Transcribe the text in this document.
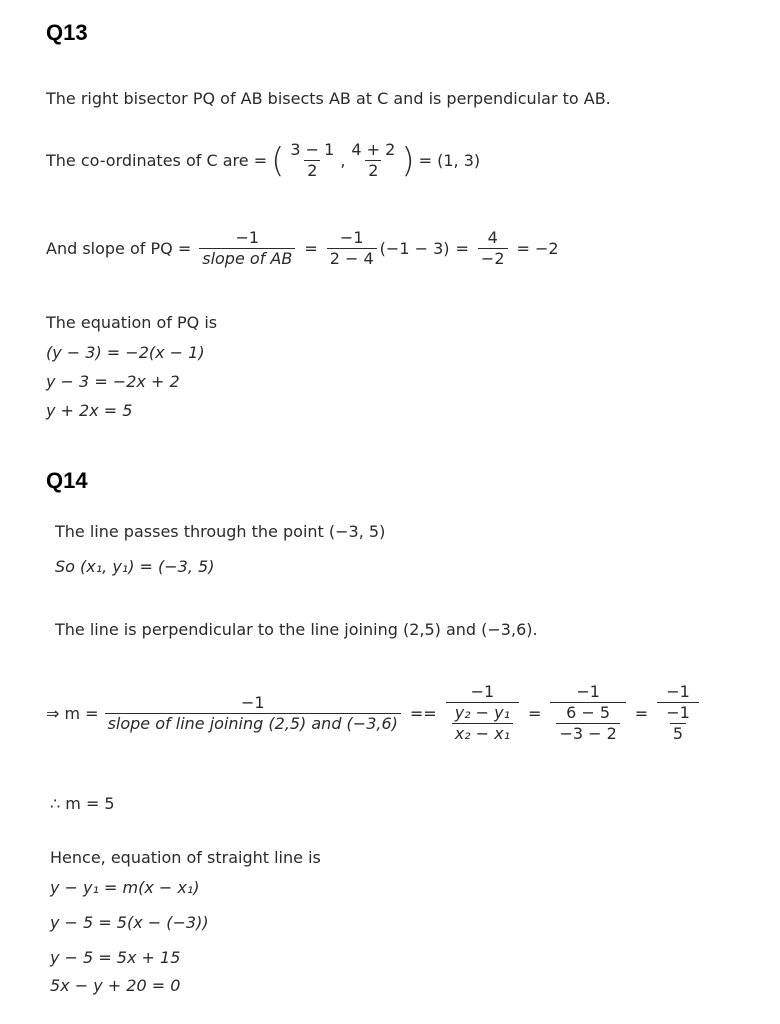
Q13
The right bisector PQ of AB bisects AB at C and is perpendicular to AB.
The co-ordinates of C are = ( $\frac{3 - 1}{2}$ , $\frac{4 + 2}{2}$ ) = (1, 3)
And slope of PQ = $\frac{-1}{\text{slope of AB}} = \frac{-1}{2 - 4} (-1 - 3) = \frac{4}{-2} = -2$
The equation of PQ is
(y − 3) = −2(x − 1)
y − 3 = −2x + 2
y + 2x = 5
Q14
The line passes through the point (−3, 5)
So (x₁, y₁) = (−3, 5)
The line is perpendicular to the line joining (2,5) and (−3,6).
⇒ $m = \frac{-1}{\text{slope of line joining (2,5) and (−3,6)}} == \frac{-1}{\frac{\text{y₂ − y₁}}{\text{x₂ − x₁}}} = \frac{-1}{\frac{6 - 5}{-3 - 2}} = \frac{-1}{\frac{-1}{5}}$
∴ m = 5
Hence, equation of straight line is
y − y₁ = m(x − x₁)
y − 5 = 5(x − (−3))
y − 5 = 5x + 15
5x − y + 20 = 0
